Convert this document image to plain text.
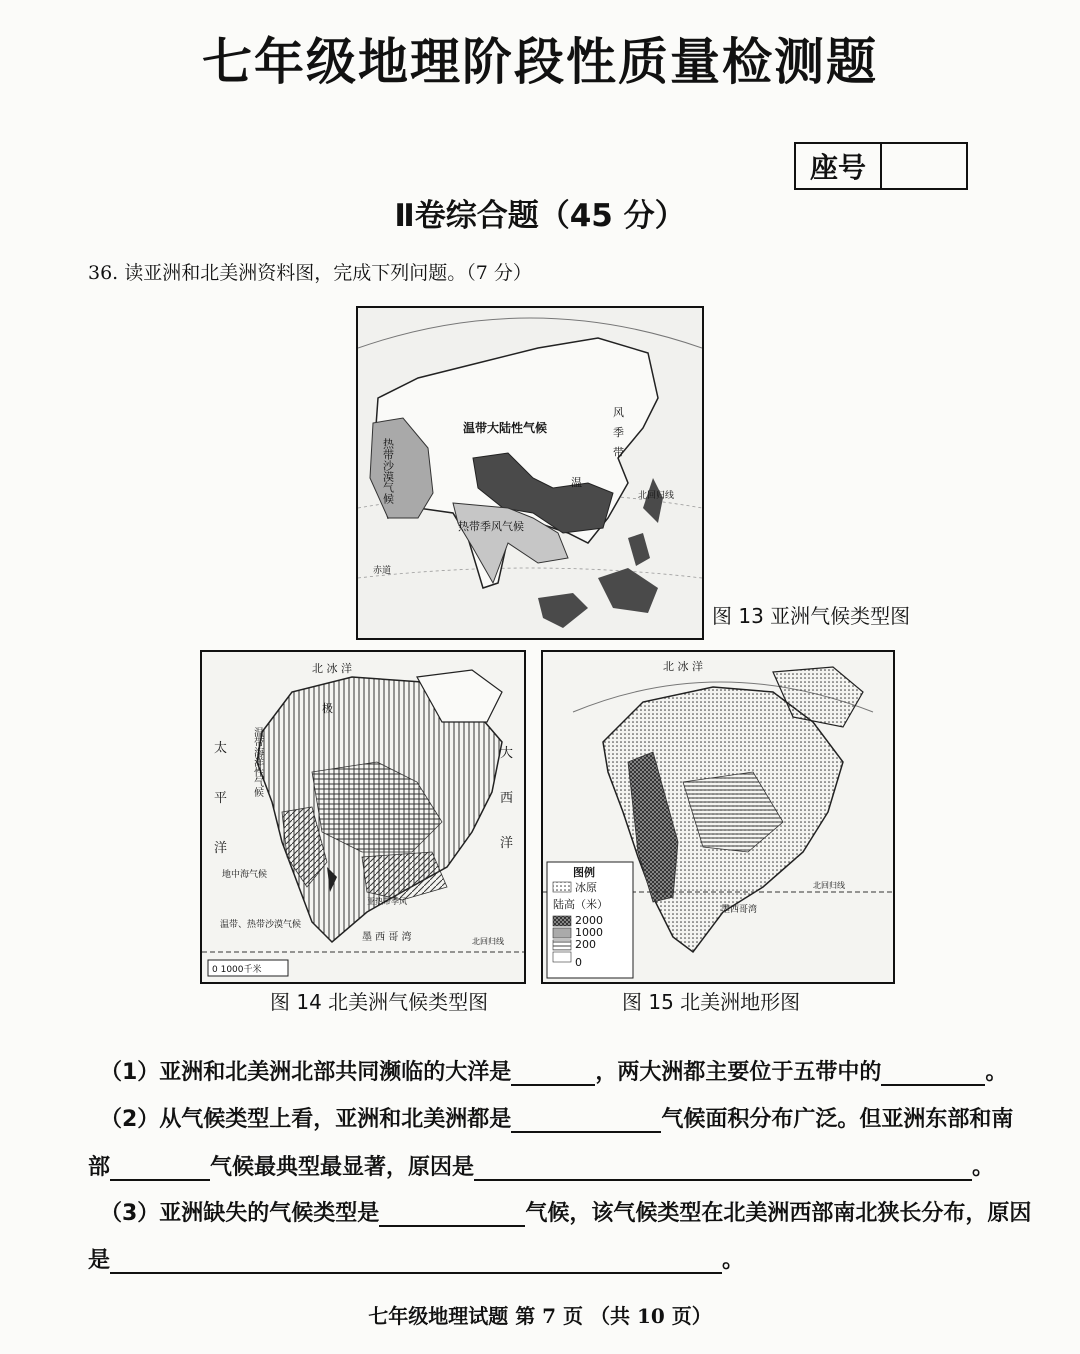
七年级地理阶段性质量检测题
座号
Ⅱ卷综合题（45 分）
36. 读亚洲和北美洲资料图，完成下列问题。（7 分）
温带大陆性气候
热带季风气候
热带沙漠气候
风
季
带
温
北回归线
赤道
图 13 亚洲气候类型图
北 冰 洋
极
太
平
洋
大
西
洋
温带海洋性气候
地中海气候
温带、热带沙漠气候
墨 西 哥 湾	北回归线
亚热带季风
0 1000千米
图 14 北美洲气候类型图
北 冰 洋
墨西哥湾
北回归线
图例
冰原
陆高（米）
2000
1000
200
0
图 15 北美洲地形图
（1）亚洲和北美洲北部共同濒临的大洋是	，两大洲都主要位于五带中的	。
（2）从气候类型上看，亚洲和北美洲都是	气候面积分布广泛。但亚洲东部和南
部	气候最典型最显著，原因是	。
（3）亚洲缺失的气候类型是	气候，该气候类型在北美洲西部南北狭长分布，原因
是	。
七年级地理试题 第 7 页 （共 10 页）
